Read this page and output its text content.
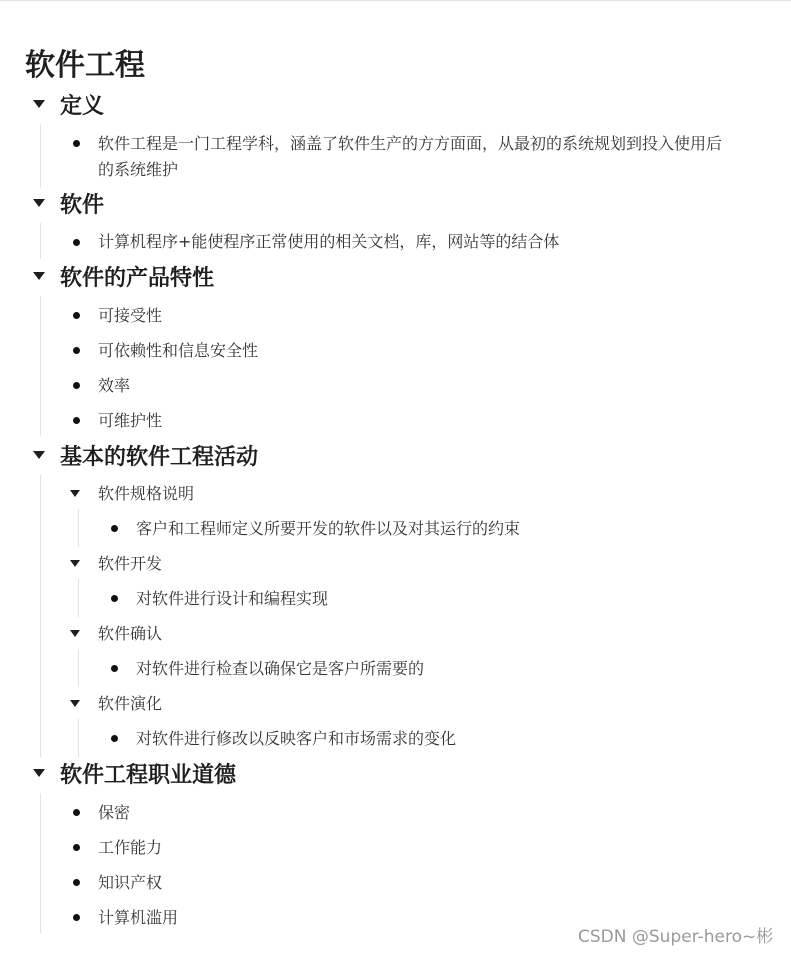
软件工程
定义
软件工程是一门工程学科，涵盖了软件生产的方方面面，从最初的系统规划到投入使用后的系统维护
软件
计算机程序+能使程序正常使用的相关文档，库，网站等的结合体
软件的产品特性
可接受性
可依赖性和信息安全性
效率
可维护性
基本的软件工程活动
软件规格说明
客户和工程师定义所要开发的软件以及对其运行的约束
软件开发
对软件进行设计和编程实现
软件确认
对软件进行检查以确保它是客户所需要的
软件演化
对软件进行修改以反映客户和市场需求的变化
软件工程职业道德
保密
工作能力
知识产权
计算机滥用
CSDN @Super-hero~彬
